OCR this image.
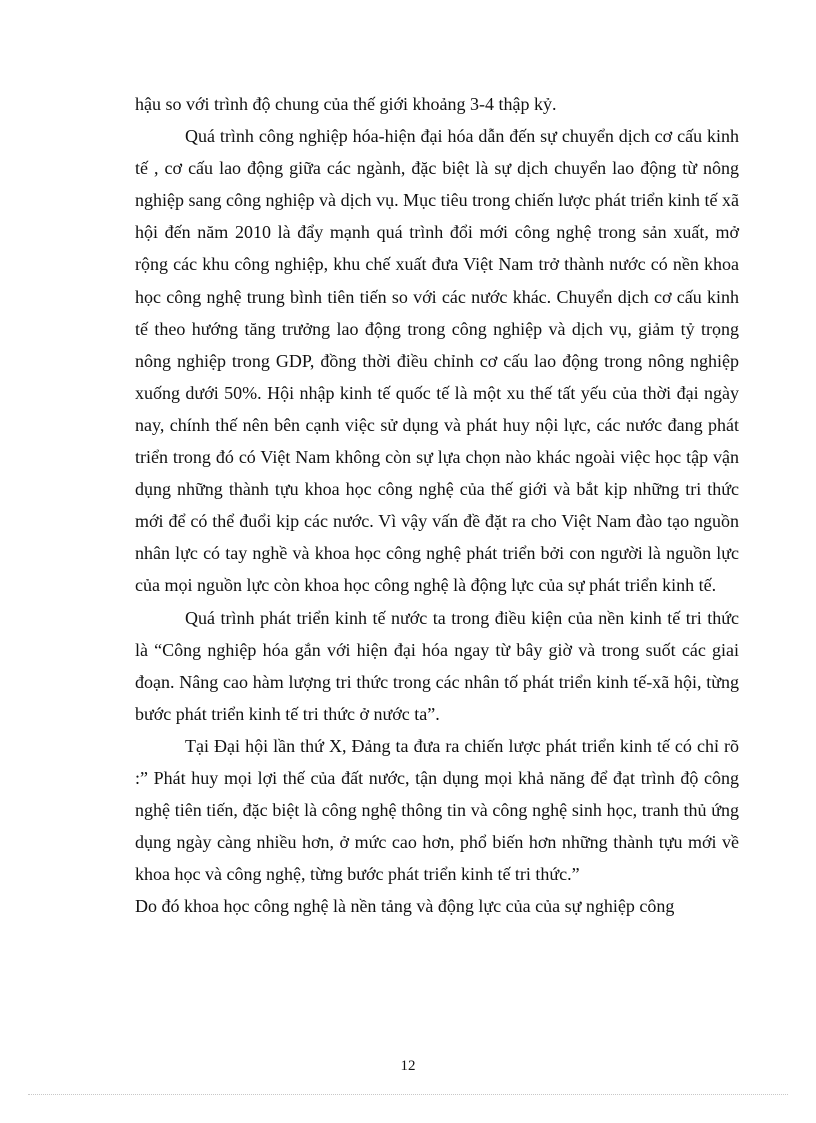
hậu so với trình độ chung của thế giới khoảng 3-4 thập kỷ.

Quá trình công nghiệp hóa-hiện đại hóa dẫn đến sự chuyển dịch cơ cấu kinh tế , cơ cấu lao động giữa các ngành, đặc biệt là sự dịch chuyển lao động từ nông nghiệp sang công nghiệp và dịch vụ. Mục tiêu trong chiến lược phát triển kinh tế xã hội đến năm 2010 là đẩy mạnh quá trình đổi mới công nghệ trong sản xuất, mở rộng các khu công nghiệp, khu chế xuất đưa Việt Nam trở thành nước có nền khoa học công nghệ trung bình tiên tiến so với các nước khác. Chuyển dịch cơ cấu kinh tế theo hướng tăng trưởng lao động trong công nghiệp và dịch vụ, giảm tỷ trọng nông nghiệp trong GDP, đồng thời điều chỉnh cơ cấu lao động trong nông nghiệp xuống dưới 50%. Hội nhập kinh tế quốc tế là một xu thế tất yếu của thời đại ngày nay, chính thế nên bên cạnh việc sử dụng và phát huy nội lực, các nước đang phát triển trong đó có Việt Nam không còn sự lựa chọn nào khác ngoài việc học tập vận dụng những thành tựu khoa học công nghệ của thế giới và bắt kịp những tri thức mới để có thể đuổi kịp các nước. Vì vậy vấn đề đặt ra cho Việt Nam đào tạo nguồn nhân lực có tay nghề và khoa học công nghệ phát triển bởi con người là nguồn lực của mọi nguồn lực còn khoa học công nghệ là động lực của sự phát triển kinh tế.

Quá trình phát triển kinh tế nước ta trong điều kiện của nền kinh tế tri thức là “Công nghiệp hóa gắn với hiện đại hóa ngay từ bây giờ và trong suốt các giai đoạn. Nâng cao hàm lượng tri thức trong các nhân tố phát triển kinh tế-xã hội, từng bước phát triển kinh tế tri thức ở nước ta”.

Tại Đại hội lần thứ X, Đảng ta đưa ra chiến lược phát triển kinh tế có chỉ rõ :” Phát huy mọi lợi thế của đất nước, tận dụng mọi khả năng để đạt trình độ công nghệ tiên tiến, đặc biệt là công nghệ thông tin và công nghệ sinh học, tranh thủ ứng dụng ngày càng nhiều hơn, ở mức cao hơn, phổ biến hơn những thành tựu mới về khoa học và công nghệ, từng bước phát triển kinh tế tri thức.”

Do đó khoa học công nghệ là nền tảng và động lực của của sự nghiệp công

12
